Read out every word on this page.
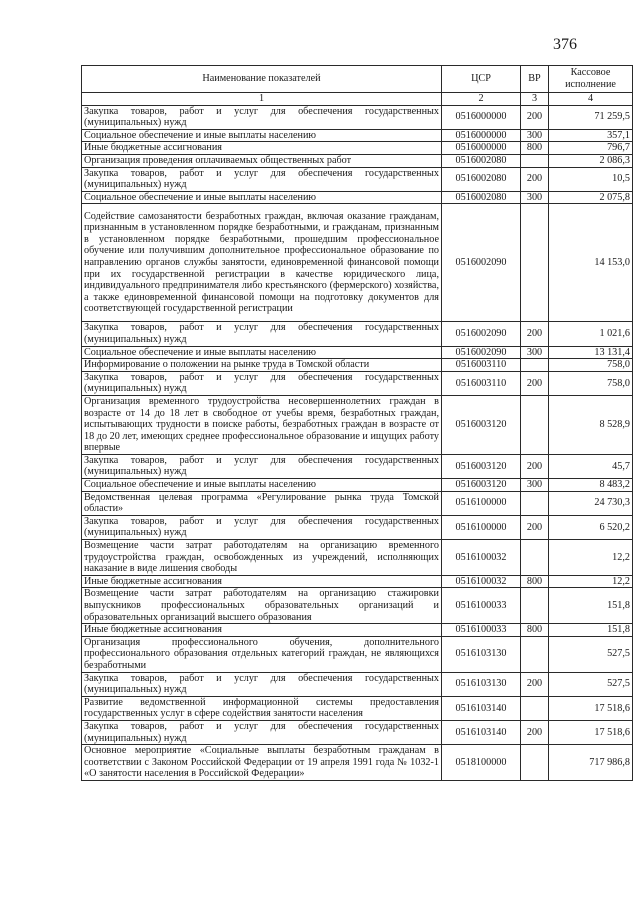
376
Наименование показателей	ЦСР	ВР	Кассовое исполнение
1	2	3	4
Закупка товаров, работ и услуг для обеспечения государственных (муниципальных) нужд	0516000000	200	71 259,5
Социальное обеспечение и иные выплаты населению	0516000000	300	357,1
Иные бюджетные ассигнования	0516000000	800	796,7
Организация проведения оплачиваемых общественных работ	0516002080		2 086,3
Закупка товаров, работ и услуг для обеспечения государственных (муниципальных) нужд	0516002080	200	10,5
Социальное обеспечение и иные выплаты населению	0516002080	300	2 075,8
Содействие самозанятости безработных граждан, включая оказание гражданам, признанным в установленном порядке безработными, и гражданам, признанным в установленном порядке безработными, прошедшим профессиональное обучение или получившим дополнительное профессиональное образование по направлению органов службы занятости, единовременной финансовой помощи при их государственной регистрации в качестве юридического лица, индивидуального предпринимателя либо крестьянского (фермерского) хозяйства, а также единовременной финансовой помощи на подготовку документов для соответствующей государственной регистрации	0516002090		14 153,0
Закупка товаров, работ и услуг для обеспечения государственных (муниципальных) нужд	0516002090	200	1 021,6
Социальное обеспечение и иные выплаты населению	0516002090	300	13 131,4
Информирование о положении на рынке труда в Томской области	0516003110		758,0
Закупка товаров, работ и услуг для обеспечения государственных (муниципальных) нужд	0516003110	200	758,0
Организация временного трудоустройства несовершеннолетних граждан в возрасте от 14 до 18 лет в свободное от учебы время, безработных граждан, испытывающих трудности в поиске работы, безработных граждан в возрасте от 18 до 20 лет, имеющих среднее профессиональное образование и ищущих работу впервые	0516003120		8 528,9
Закупка товаров, работ и услуг для обеспечения государственных (муниципальных) нужд	0516003120	200	45,7
Социальное обеспечение и иные выплаты населению	0516003120	300	8 483,2
Ведомственная целевая программа «Регулирование рынка труда Томской области»	0516100000		24 730,3
Закупка товаров, работ и услуг для обеспечения государственных (муниципальных) нужд	0516100000	200	6 520,2
Возмещение части затрат работодателям на организацию временного трудоустройства граждан, освобожденных из учреждений, исполняющих наказание в виде лишения свободы	0516100032		12,2
Иные бюджетные ассигнования	0516100032	800	12,2
Возмещение части затрат работодателям на организацию стажировки выпускников профессиональных образовательных организаций и образовательных организаций высшего образования	0516100033		151,8
Иные бюджетные ассигнования	0516100033	800	151,8
Организация профессионального обучения, дополнительного профессионального образования отдельных категорий граждан, не являющихся безработными	0516103130		527,5
Закупка товаров, работ и услуг для обеспечения государственных (муниципальных) нужд	0516103130	200	527,5
Развитие ведомственной информационной системы предоставления государственных услуг в сфере содействия занятости населения	0516103140		17 518,6
Закупка товаров, работ и услуг для обеспечения государственных (муниципальных) нужд	0516103140	200	17 518,6
Основное мероприятие «Социальные выплаты безработным гражданам в соответствии с Законом Российской Федерации от 19 апреля 1991 года № 1032-1 «О занятости населения в Российской Федерации»	0518100000		717 986,8
